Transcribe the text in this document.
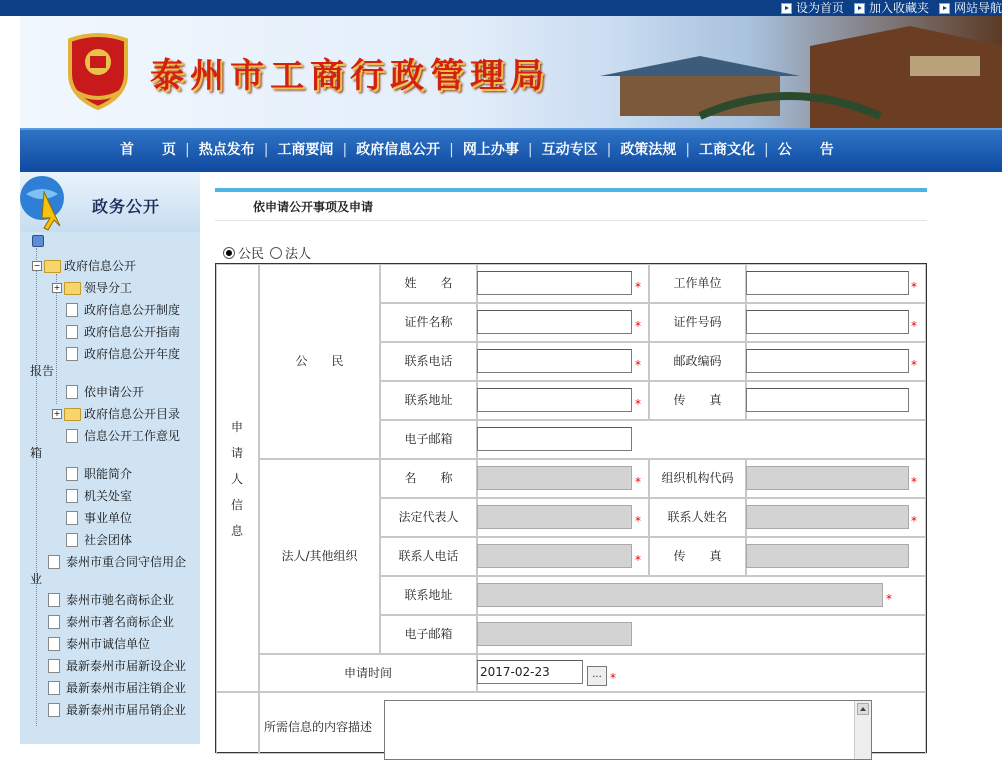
设为首页 加入收藏夹 网站导航
泰州市工商行政管理局
首　　页 | 热点发布 | 工商要闻 | 政府信息公开 | 网上办事 | 互动专区 | 政策法规 | 工商文化 | 公　　告
政务公开
− 政府信息公开
+ 领导分工
政府信息公开制度
政府信息公开指南
政府信息公开年度
报告
依申请公开
+ 政府信息公开目录
信息公开工作意见
箱
职能简介
机关处室
事业单位
社会团体
泰州市重合同守信用企
业
泰州市驰名商标企业
泰州市著名商标企业
泰州市诚信单位
最新泰州市届新设企业
最新泰州市届注销企业
最新泰州市届吊销企业
依申请公开事项及申请
公民 法人
申
请
人
信
息
公　　民
法人/其他组织
姓　　名	*	工作单位	*
证件名称	*	证件号码	*
联系电话	*	邮政编码	*
联系地址	*	传　　真
电子邮箱
名　　称	*	组织机构代码	*
法定代表人	*	联系人姓名	*
联系人电话	*	传　　真
联系地址	*
电子邮箱
申请时间	2017-02-23	... *
所需信息的内容描述
